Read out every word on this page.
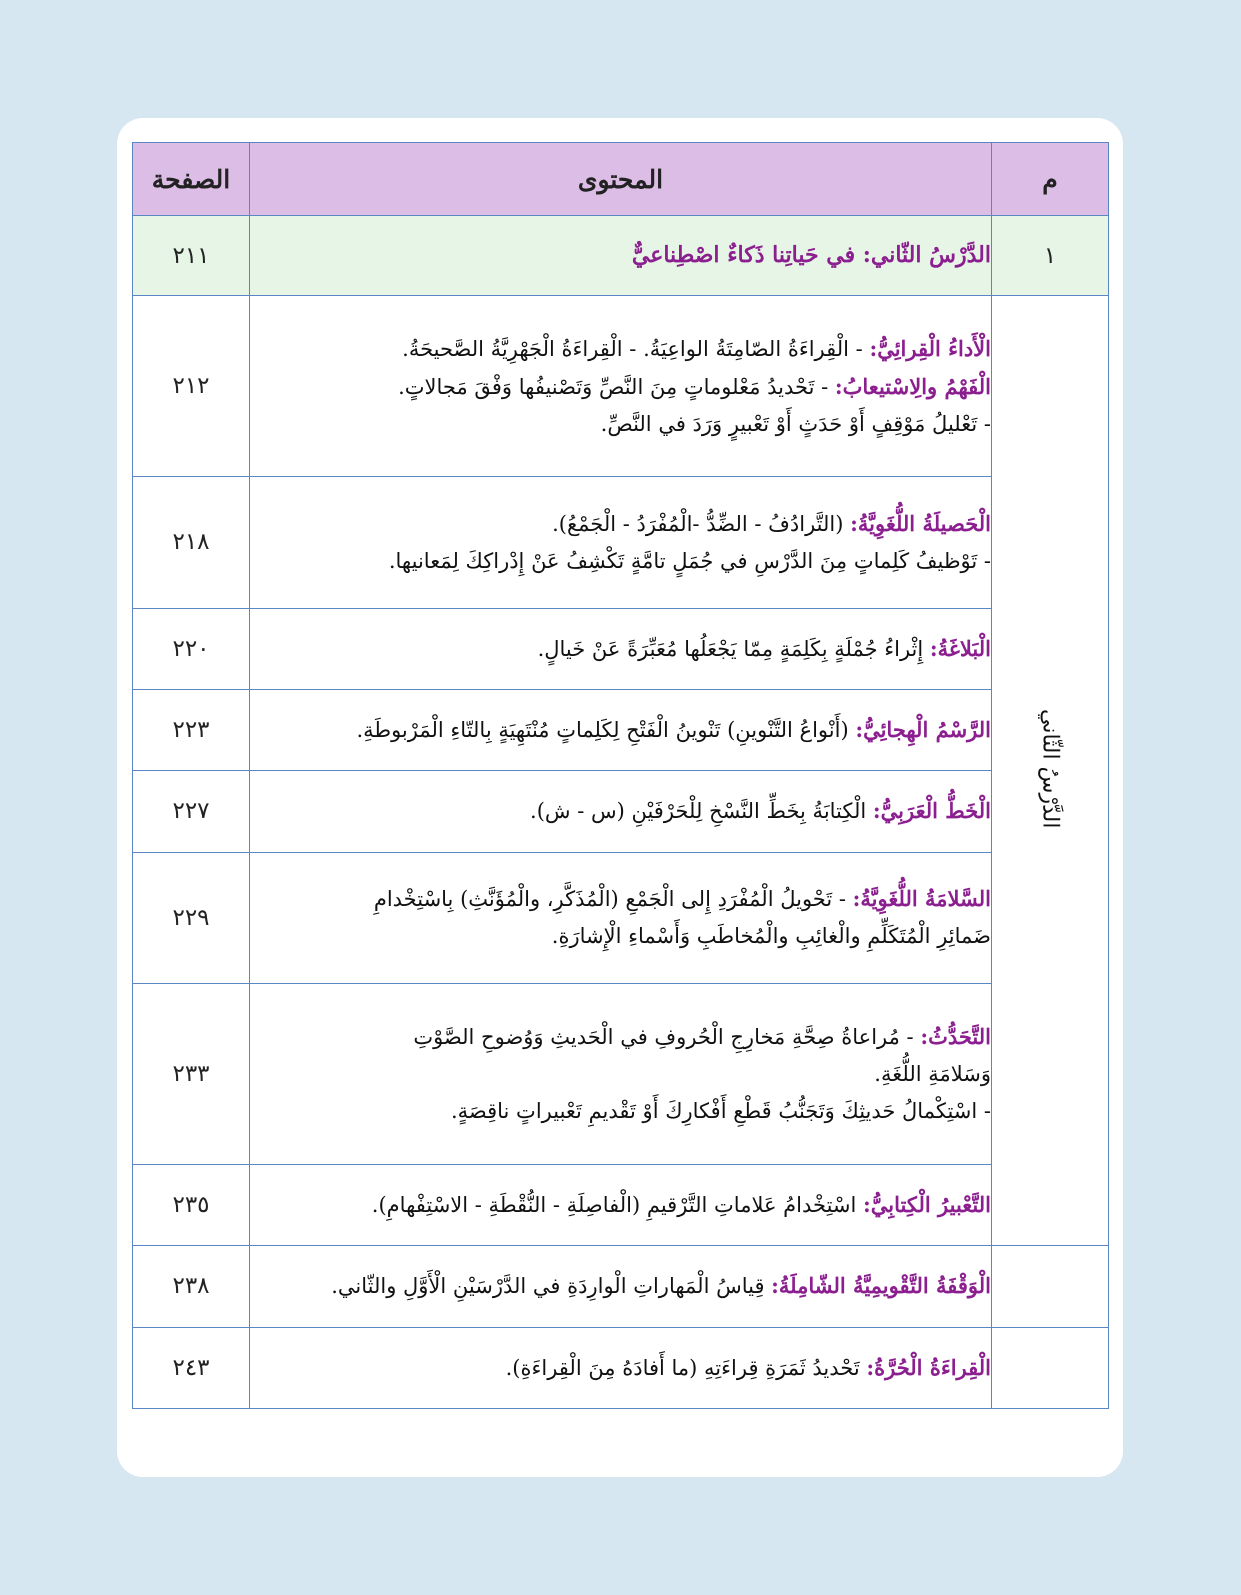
م	المحتوى	الصفحة
١	الدَّرْسُ الثّاني: في حَياتِنا ذَكاءٌ اصْطِناعيٌّ	٢١١
الدَّرْسُ الثّاني	الْأَداءُ الْقِرائِيُّ: - الْقِراءَةُ الصّامِتَةُ الواعِيَةُ. - الْقِراءَةُ الْجَهْرِيَّةُ الصَّحيحَةُ.
الْفَهْمُ والِاسْتيعابُ: - تَحْديدُ مَعْلوماتٍ مِنَ النَّصِّ وَتَصْنيفُها وَفْقَ مَجالاتٍ.
- تَعْليلُ مَوْقِفٍ أَوْ حَدَثٍ أَوْ تَعْبيرٍ وَرَدَ في النَّصِّ.	٢١٢

	الْحَصيلَةُ اللُّغَوِيَّةُ: (التَّرادُفُ - الضِّدُّ -الْمُفْرَدُ - الْجَمْعُ).
- تَوْظيفُ كَلِماتٍ مِنَ الدَّرْسِ في جُمَلٍ تامَّةٍ تَكْشِفُ عَنْ إِدْراكِكَ لِمَعانيها.	٢١٨

	الْبَلاغَةُ: إِثْراءُ جُمْلَةٍ بِكَلِمَةٍ مِمّا يَجْعَلُها مُعَبِّرَةً عَنْ خَيالٍ.	٢٢٠

	الرَّسْمُ الْهِجائِيُّ: (أَنْواعُ التَّنْوينِ) تَنْوينُ الْفَتْحِ لِكَلِماتٍ مُنْتَهِيَةٍ بِالتّاءِ الْمَرْبوطَةِ.	٢٢٣

	الْخَطُّ الْعَرَبِيُّ: الْكِتابَةُ بِخَطِّ النَّسْخِ لِلْحَرْفَيْنِ (س - ش).	٢٢٧

	السَّلامَةُ اللُّغَوِيَّةُ: - تَحْويلُ الْمُفْرَدِ إِلى الْجَمْعِ (الْمُذَكَّرِ، والْمُؤَنَّثِ) بِاسْتِخْدامِ
ضَمائِرِ الْمُتَكَلِّمِ والْغائِبِ والْمُخاطَبِ وَأَسْماءِ الْإِشارَةِ.	٢٢٩

	التَّحَدُّثُ: - مُراعاةُ صِحَّةِ مَخارِجِ الْحُروفِ في الْحَديثِ وَوُضوحِ الصَّوْتِ
وَسَلامَةِ اللُّغَةِ.
- اسْتِكْمالُ حَديثِكَ وَتَجَنُّبُ قَطْعِ أَفْكارِكَ أَوْ تَقْديمِ تَعْبيراتٍ ناقِصَةٍ.	٢٣٣

	التَّعْبيرُ الْكِتابِيُّ: اسْتِخْدامُ عَلاماتِ التَّرْقيمِ (الْفاصِلَةِ - النُّقْطَةِ - الاسْتِفْهامِ).	٢٣٥

	الْوَقْفَةُ التَّقْويمِيَّةُ الشّامِلَةُ: قِياسُ الْمَهاراتِ الْوارِدَةِ في الدَّرْسَيْنِ الْأَوَّلِ والثّاني.	٢٣٨

	الْقِراءَةُ الْحُرَّةُ: تَحْديدُ ثَمَرَةِ قِراءَتِهِ (ما أَفادَهُ مِنَ الْقِراءَةِ).	٢٤٣
